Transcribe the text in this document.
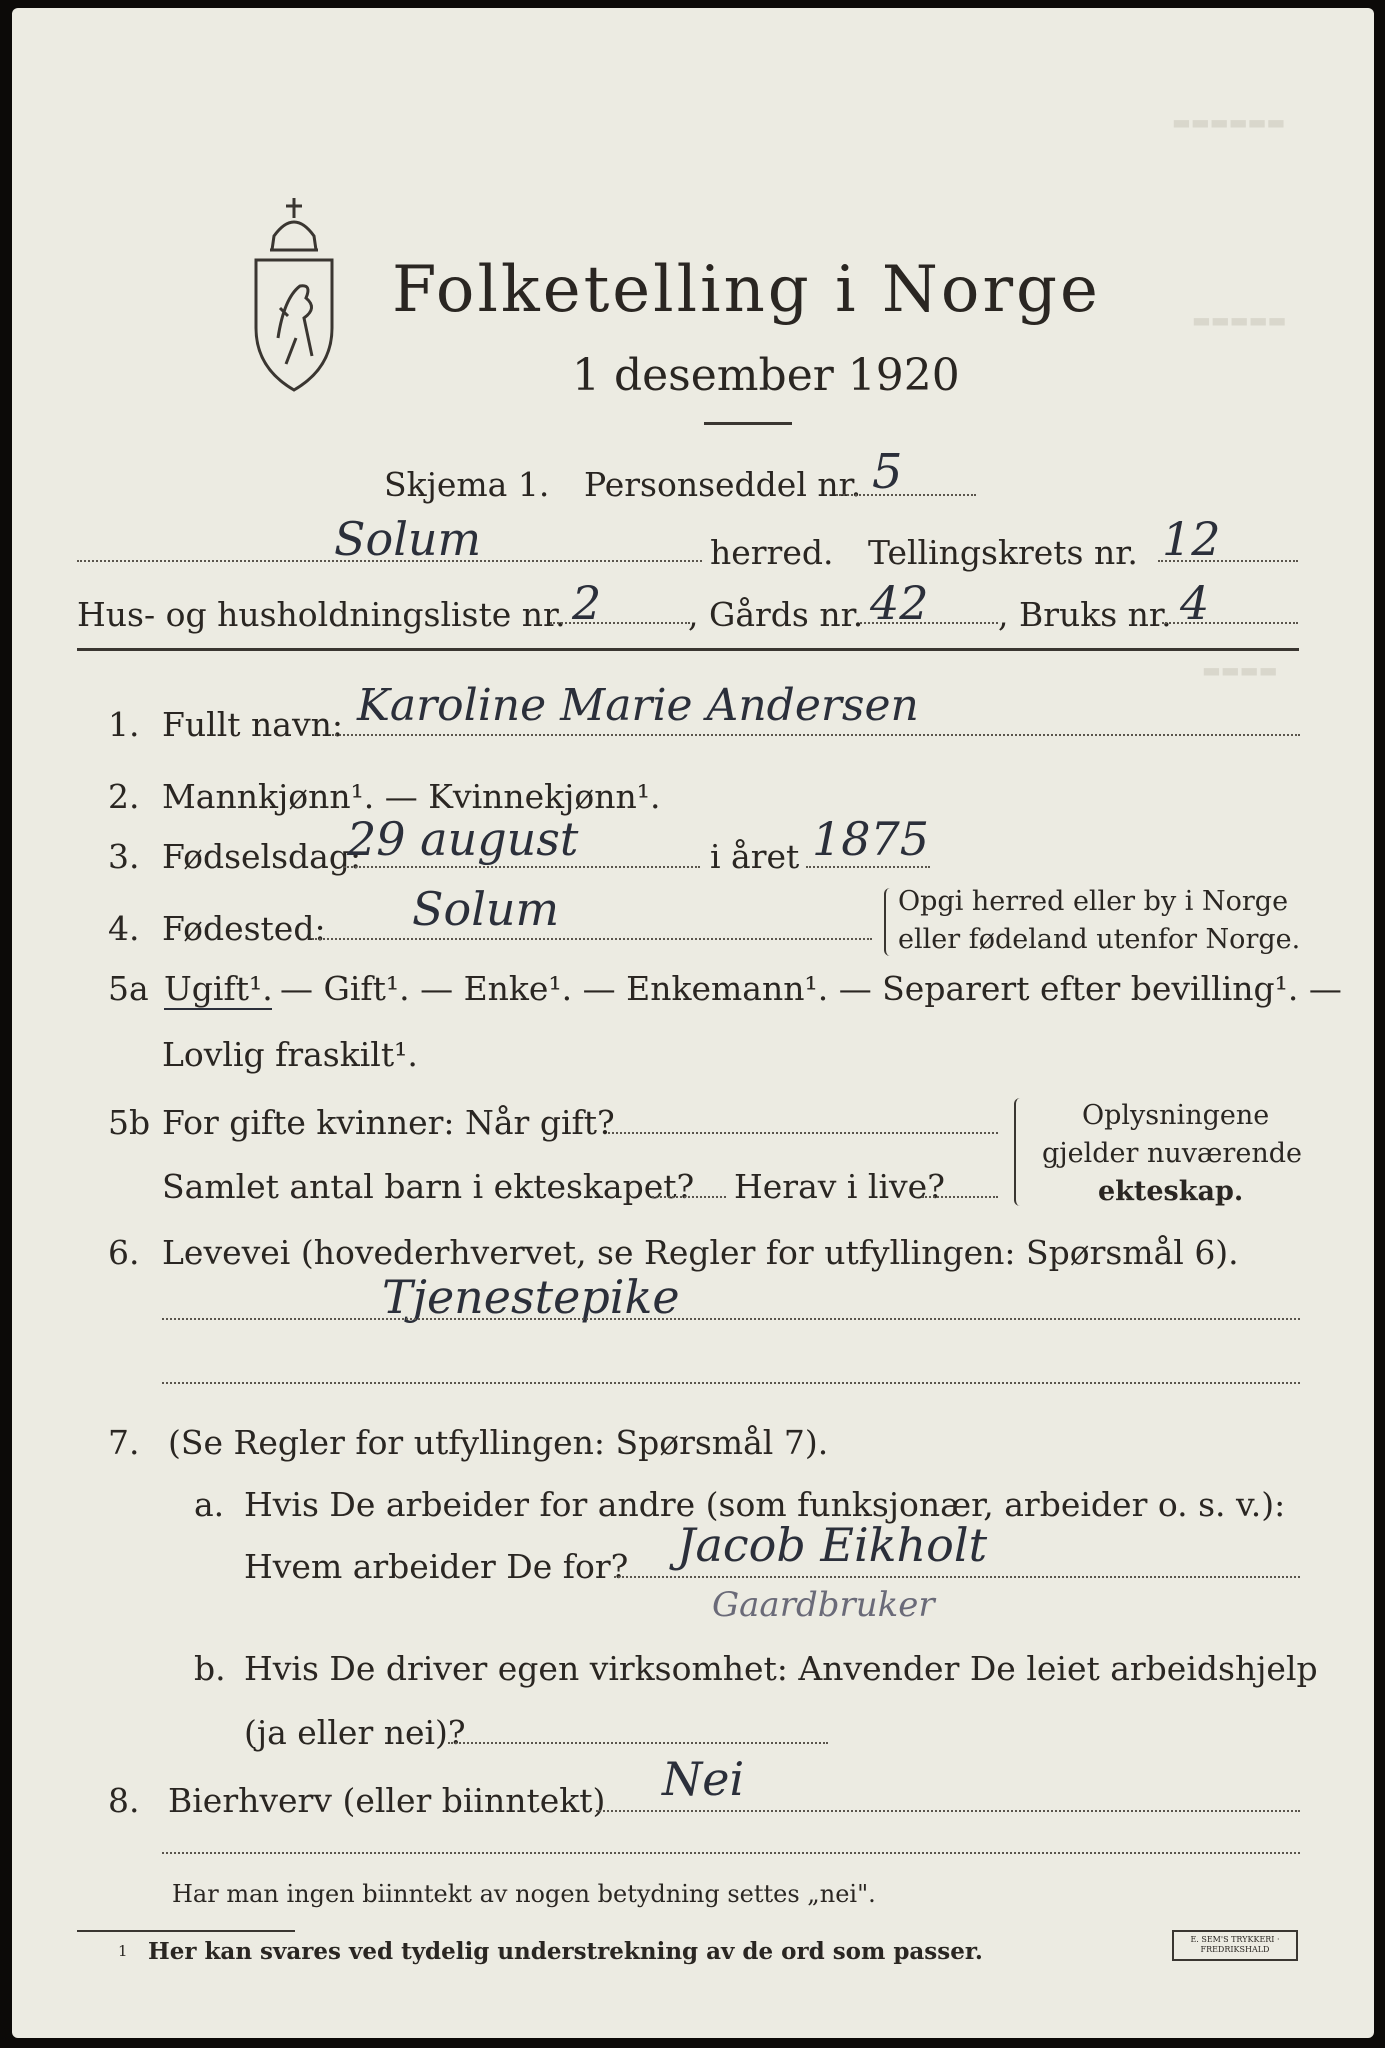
▬▬▬▬▬▬
▬▬▬▬▬
▬▬▬▬
Folketelling i Norge
1 desember 1920
Skjema 1. Personseddel nr. 5
Solum	herred. Tellingskrets nr. 12
Hus- og husholdningsliste nr. 2	, Gårds nr. 42 , Bruks nr. 4
1. Fullt navn: Karoline Marie Andersen
2. Mannkjønn¹. — Kvinnekjønn¹.
3. Fødselsdag:
29 august	i året 1875
4. Fødested: Solum	Opgi herred eller by i Norge
eller fødeland utenfor Norge.
5a Ugift¹. — Gift¹. — Enke¹. — Enkemann¹. — Separert efter bevilling¹. —
Lovlig fraskilt¹.
5b For gifte kvinner: Når gift?
Samlet antal barn i ekteskapet? Herav i live?
Oplysningene
gjelder nuværende
ekteskap.
6. Levevei (hovederhvervet, se Regler for utfyllingen: Spørsmål 6).
Tjenestepike
7. (Se Regler for utfyllingen: Spørsmål 7).
a. Hvis De arbeider for andre (som funksjonær, arbeider o. s. v.):
Hvem arbeider De for? Jacob Eikholt
Gaardbruker
b. Hvis De driver egen virksomhet: Anvender De leiet arbeidshjelp
(ja eller nei)?
8. Bierhverv (eller biinntekt) Nei
Har man ingen biinntekt av nogen betydning settes „nei".
1 Her kan svares ved tydelig understrekning av de ord som passer.	E. SEM'S TRYKKERI · FREDRIKSHALD
